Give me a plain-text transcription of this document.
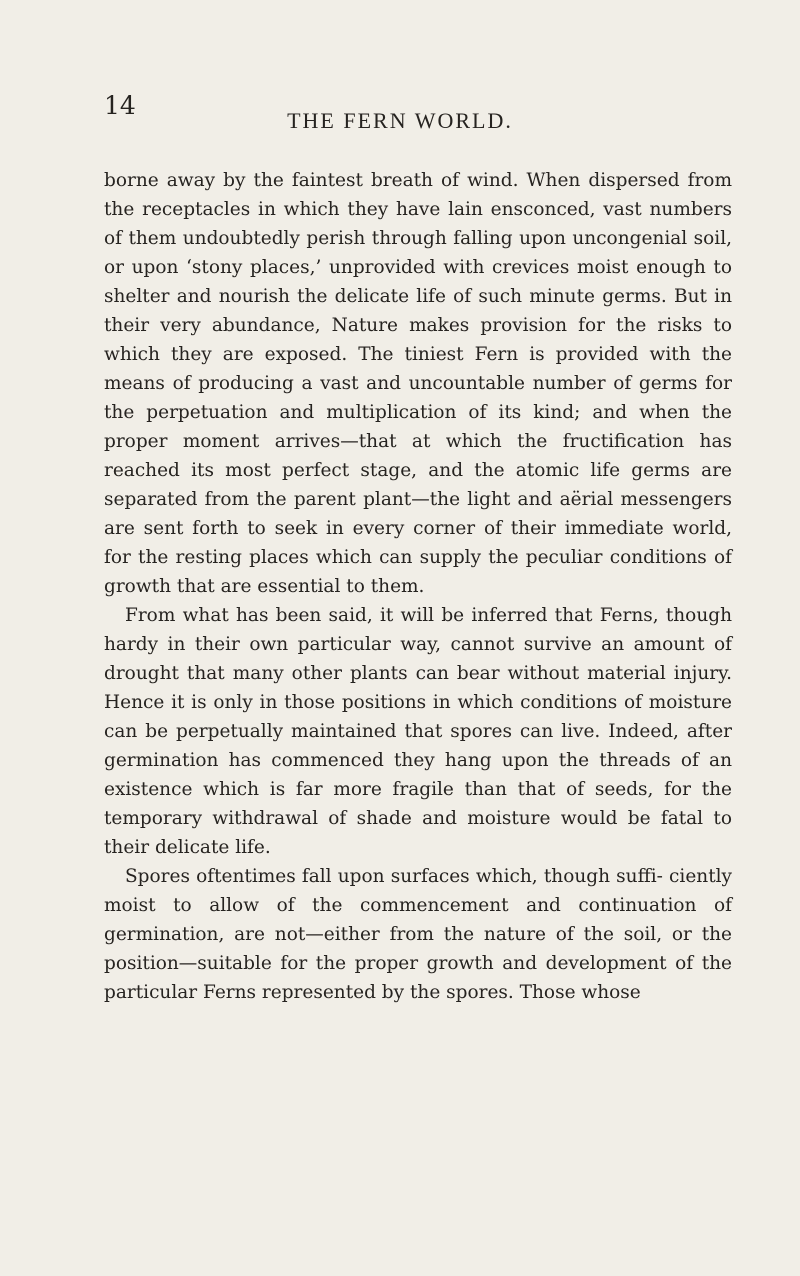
14

THE FERN WORLD.

borne away by the faintest breath of wind. When dispersed from the receptacles in which they have lain ensconced, vast numbers of them undoubtedly perish through falling upon uncongenial soil, or upon ‘stony places,’ unprovided with crevices moist enough to shelter and nourish the delicate life of such minute germs. But in their very abundance, Nature makes provision for the risks to which they are exposed. The tiniest Fern is provided with the means of producing a vast and uncountable number of germs for the perpetuation and multiplication of its kind; and when the proper moment arrives—that at which the fructification has reached its most perfect stage, and the atomic life germs are separated from the parent plant—the light and aërial messengers are sent forth to seek in every corner of their immediate world, for the resting places which can supply the peculiar conditions of growth that are essential to them.

From what has been said, it will be inferred that Ferns, though hardy in their own particular way, cannot survive an amount of drought that many other plants can bear without material injury. Hence it is only in those positions in which conditions of moisture can be perpetually maintained that spores can live. Indeed, after germination has commenced they hang upon the threads of an existence which is far more fragile than that of seeds, for the temporary withdrawal of shade and moisture would be fatal to their delicate life.

Spores oftentimes fall upon surfaces which, though suffi- ciently moist to allow of the commencement and continuation of germination, are not—either from the nature of the soil, or the position—suitable for the proper growth and development of the particular Ferns represented by the spores. Those whose
